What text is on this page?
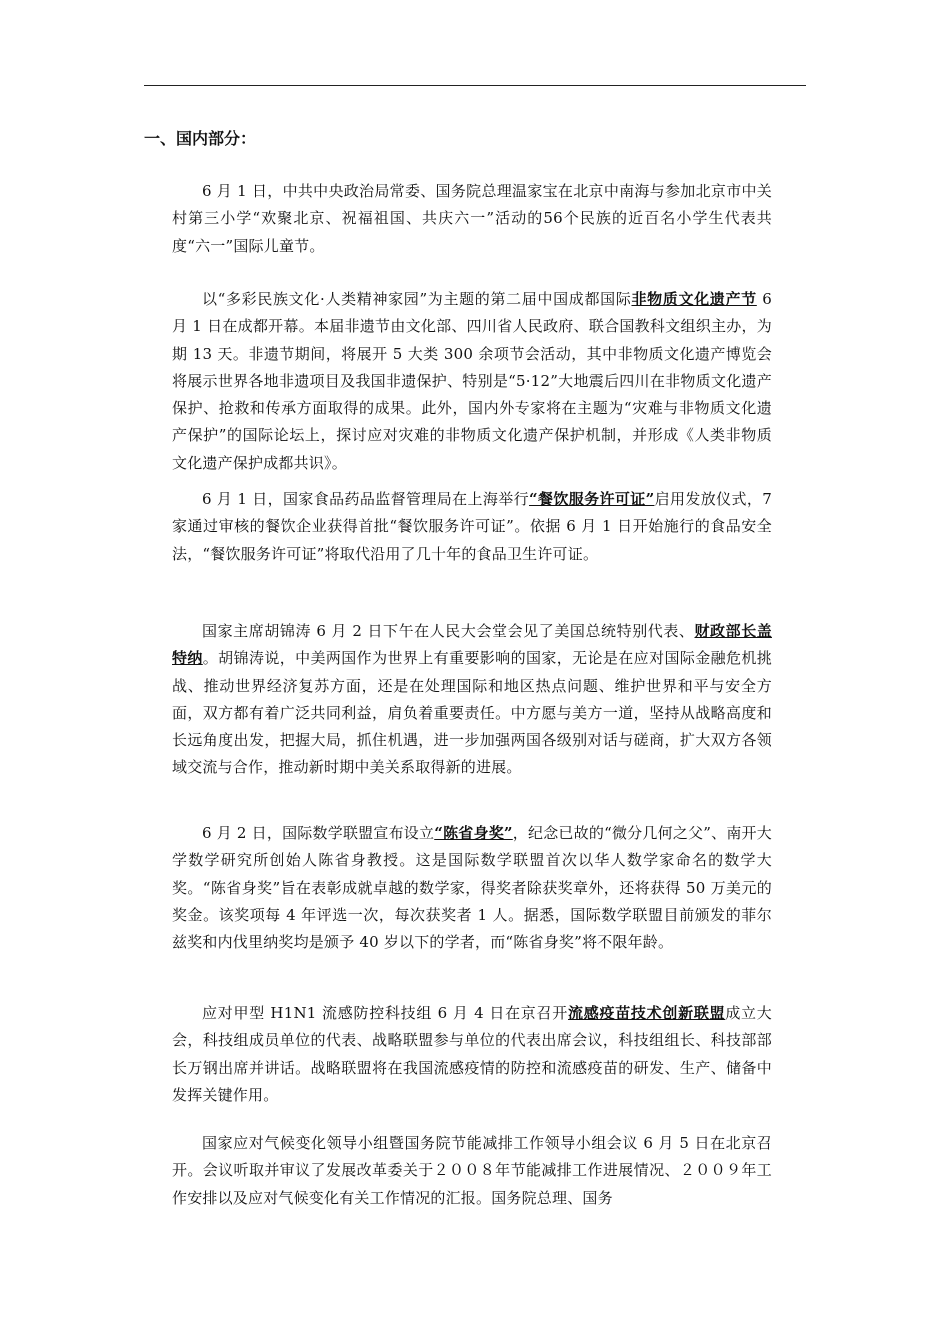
一、国内部分：
6 月 1 日，中共中央政治局常委、国务院总理温家宝在北京中南海与参加北京市中关村第三小学“欢聚北京、祝福祖国、共庆六一”活动的56个民族的近百名小学生代表共度“六一”国际儿童节。
以“多彩民族文化·人类精神家园”为主题的第二届中国成都国际非物质文化遗产节 6 月 1 日在成都开幕。本届非遗节由文化部、四川省人民政府、联合国教科文组织主办，为期 13 天。非遗节期间，将展开 5 大类 300 余项节会活动，其中非物质文化遗产博览会将展示世界各地非遗项目及我国非遗保护、特别是“5·12”大地震后四川在非物质文化遗产保护、抢救和传承方面取得的成果。此外，国内外专家将在主题为“灾难与非物质文化遗产保护”的国际论坛上，探讨应对灾难的非物质文化遗产保护机制，并形成《人类非物质文化遗产保护成都共识》。
6 月 1 日，国家食品药品监督管理局在上海举行“餐饮服务许可证”启用发放仪式，7 家通过审核的餐饮企业获得首批“餐饮服务许可证”。依据 6 月 1 日开始施行的食品安全法，“餐饮服务许可证”将取代沿用了几十年的食品卫生许可证。
国家主席胡锦涛 6 月 2 日下午在人民大会堂会见了美国总统特别代表、财政部长盖特纳。胡锦涛说，中美两国作为世界上有重要影响的国家，无论是在应对国际金融危机挑战、推动世界经济复苏方面，还是在处理国际和地区热点问题、维护世界和平与安全方面，双方都有着广泛共同利益，肩负着重要责任。中方愿与美方一道，坚持从战略高度和长远角度出发，把握大局，抓住机遇，进一步加强两国各级别对话与磋商，扩大双方各领域交流与合作，推动新时期中美关系取得新的进展。
6 月 2 日，国际数学联盟宣布设立“陈省身奖”，纪念已故的“微分几何之父”、南开大学数学研究所创始人陈省身教授。这是国际数学联盟首次以华人数学家命名的数学大奖。“陈省身奖”旨在表彰成就卓越的数学家，得奖者除获奖章外，还将获得 50 万美元的奖金。该奖项每 4 年评选一次，每次获奖者 1 人。据悉，国际数学联盟目前颁发的菲尔兹奖和内伐里纳奖均是颁予 40 岁以下的学者，而“陈省身奖”将不限年龄。
应对甲型 H1N1 流感防控科技组 6 月 4 日在京召开流感疫苗技术创新联盟成立大会，科技组成员单位的代表、战略联盟参与单位的代表出席会议，科技组组长、科技部部长万钢出席并讲话。战略联盟将在我国流感疫情的防控和流感疫苗的研发、生产、储备中发挥关键作用。
国家应对气候变化领导小组暨国务院节能减排工作领导小组会议 6 月 5 日在北京召开。会议听取并审议了发展改革委关于２００８年节能减排工作进展情况、２００９年工作安排以及应对气候变化有关工作情况的汇报。国务院总理、国务
